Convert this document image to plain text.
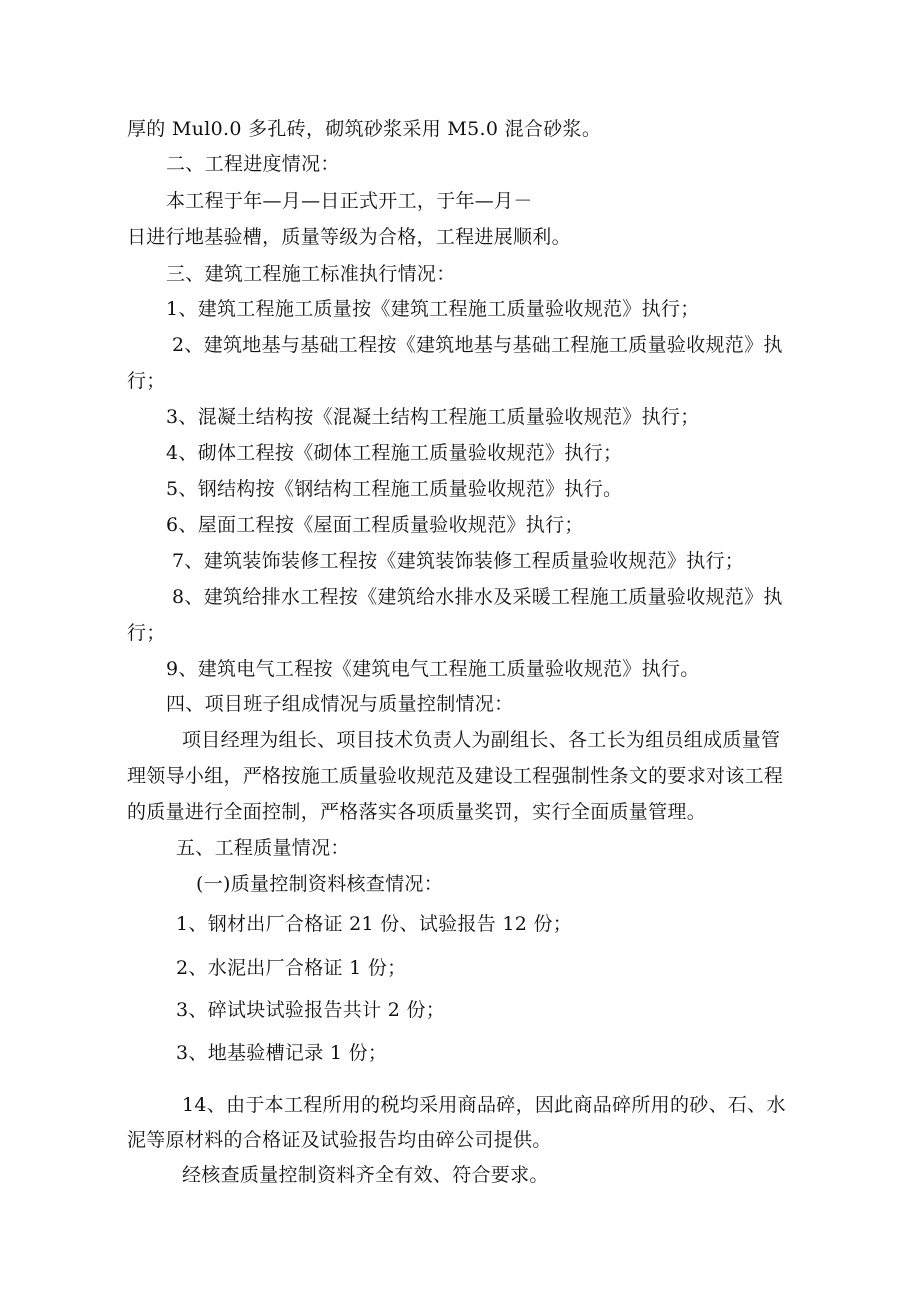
厚的 Mul0.0 多孔砖，砌筑砂浆采用 M5.0 混合砂浆。
二、工程进度情况：
本工程于年—月—日正式开工，于年—月－
日进行地基验槽，质量等级为合格，工程进展顺利。
三、建筑工程施工标准执行情况：
1、建筑工程施工质量按《建筑工程施工质量验收规范》执行；
2、建筑地基与基础工程按《建筑地基与基础工程施工质量验收规范》执
行；
3、混凝土结构按《混凝土结构工程施工质量验收规范》执行；
4、砌体工程按《砌体工程施工质量验收规范》执行；
5、钢结构按《钢结构工程施工质量验收规范》执行。
6、屋面工程按《屋面工程质量验收规范》执行；
7、建筑装饰装修工程按《建筑装饰装修工程质量验收规范》执行；
8、建筑给排水工程按《建筑给水排水及采暖工程施工质量验收规范》执
行；
9、建筑电气工程按《建筑电气工程施工质量验收规范》执行。
四、项目班子组成情况与质量控制情况：
项目经理为组长、项目技术负责人为副组长、各工长为组员组成质量管
理领导小组，严格按施工质量验收规范及建设工程强制性条文的要求对该工程
的质量进行全面控制，严格落实各项质量奖罚，实行全面质量管理。
五、工程质量情况：
(一)质量控制资料核查情况：
1、钢材出厂合格证 21 份、试验报告 12 份；
2、水泥出厂合格证 1 份；
3、碎试块试验报告共计 2 份；
3、地基验槽记录 1 份；
14、由于本工程所用的税均采用商品碎，因此商品碎所用的砂、石、水
泥等原材料的合格证及试验报告均由碎公司提供。
经核查质量控制资料齐全有效、符合要求。
